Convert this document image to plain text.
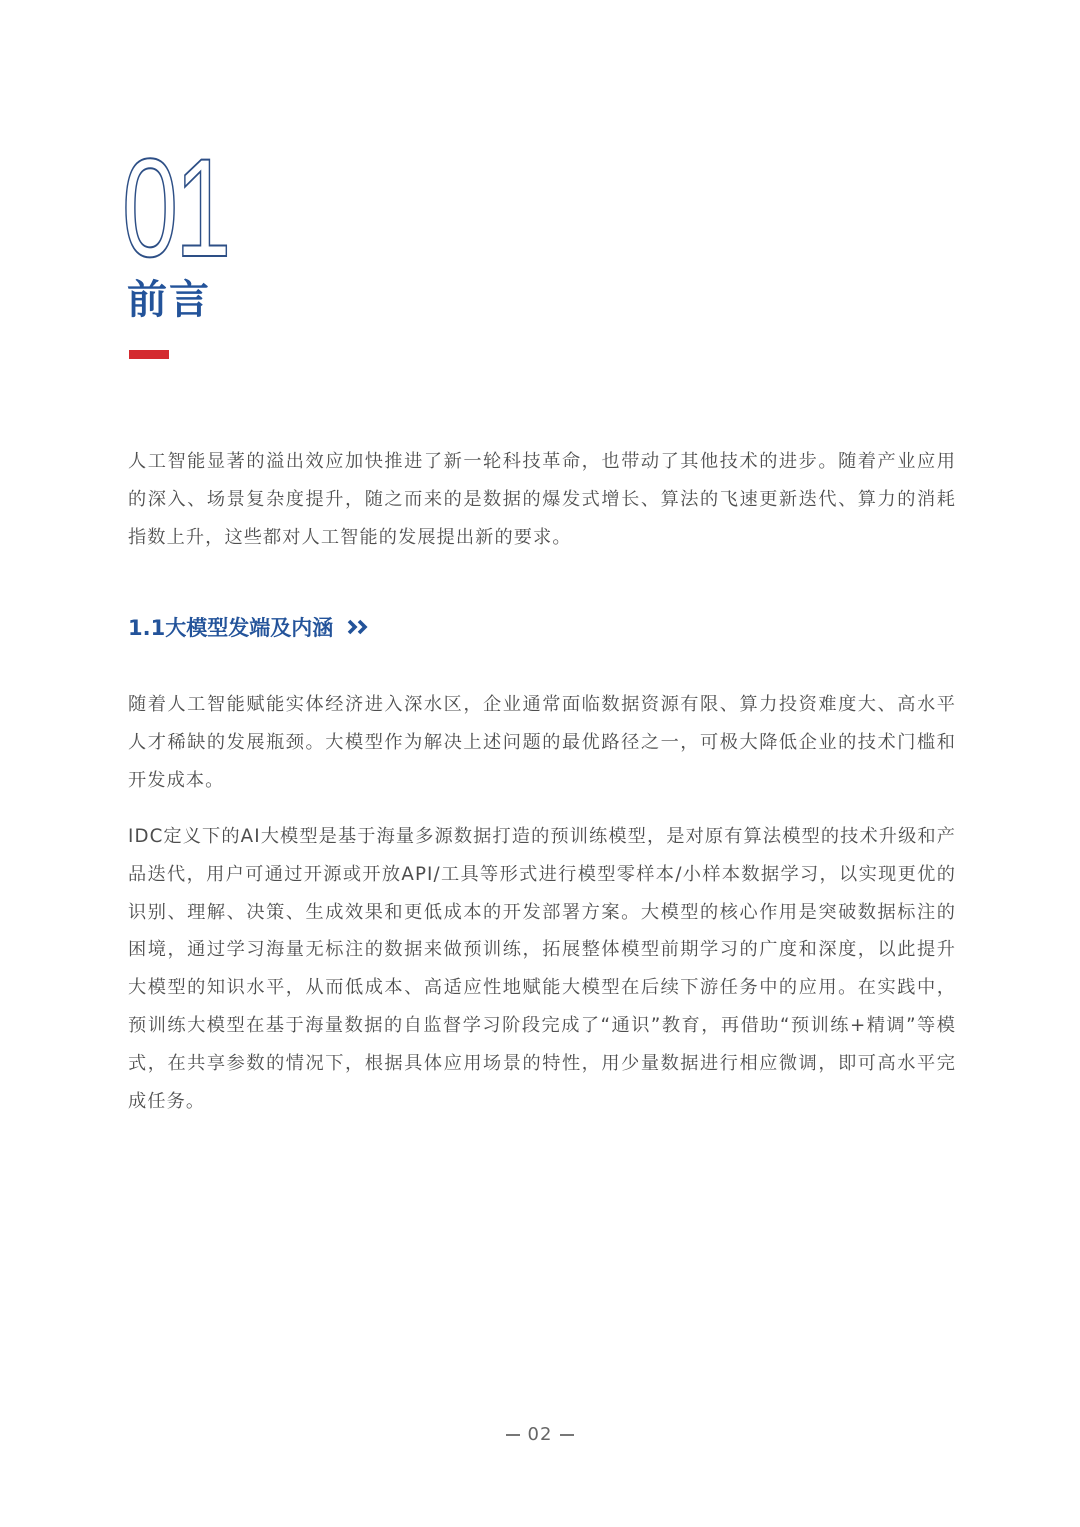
01
前言

人工智能显著的溢出效应加快推进了新一轮科技革命，也带动了其他技术的进步。随着产业应用的深入、场景复杂度提升，随之而来的是数据的爆发式增长、算法的飞速更新迭代、算力的消耗指数上升，这些都对人工智能的发展提出新的要求。

1.1大模型发端及内涵

随着人工智能赋能实体经济进入深水区，企业通常面临数据资源有限、算力投资难度大、高水平人才稀缺的发展瓶颈。大模型作为解决上述问题的最优路径之一，可极大降低企业的技术门槛和开发成本。

IDC定义下的AI大模型是基于海量多源数据打造的预训练模型，是对原有算法模型的技术升级和产品迭代，用户可通过开源或开放API/工具等形式进行模型零样本/小样本数据学习，以实现更优的识别、理解、决策、生成效果和更低成本的开发部署方案。大模型的核心作用是突破数据标注的困境，通过学习海量无标注的数据来做预训练，拓展整体模型前期学习的广度和深度，以此提升大模型的知识水平，从而低成本、高适应性地赋能大模型在后续下游任务中的应用。在实践中，预训练大模型在基于海量数据的自监督学习阶段完成了“通识”教育，再借助“预训练+精调”等模式，在共享参数的情况下，根据具体应用场景的特性，用少量数据进行相应微调，即可高水平完成任务。

02
